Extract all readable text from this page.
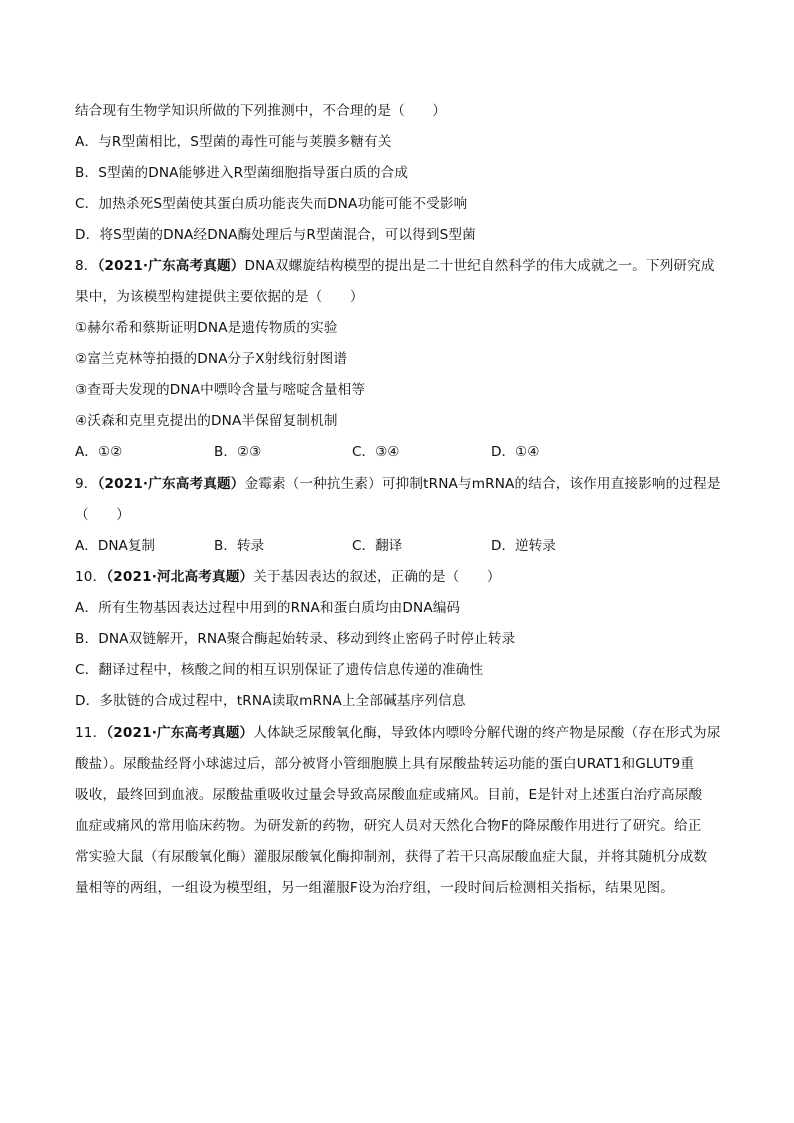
结合现有生物学知识所做的下列推测中，不合理的是（　　）
A．与R型菌相比，S型菌的毒性可能与荚膜多糖有关
B．S型菌的DNA能够进入R型菌细胞指导蛋白质的合成
C．加热杀死S型菌使其蛋白质功能丧失而DNA功能可能不受影响
D．将S型菌的DNA经DNA酶处理后与R型菌混合，可以得到S型菌
8．（2021·广东高考真题）DNA双螺旋结构模型的提出是二十世纪自然科学的伟大成就之一。下列研究成
果中，为该模型构建提供主要依据的是（　　）
①赫尔希和蔡斯证明DNA是遗传物质的实验
②富兰克林等拍摄的DNA分子X射线衍射图谱
③查哥夫发现的DNA中嘌呤含量与嘧啶含量相等
④沃森和克里克提出的DNA半保留复制机制
A．①②	B．②③	C．③④	D．①④
9．（2021·广东高考真题）金霉素（一种抗生素）可抑制tRNA与mRNA的结合，该作用直接影响的过程是
（　　）
A．DNA复制	B．转录	C．翻译	D．逆转录
10．（2021·河北高考真题）关于基因表达的叙述，正确的是（　　）
A．所有生物基因表达过程中用到的RNA和蛋白质均由DNA编码
B．DNA双链解开，RNA聚合酶起始转录、移动到终止密码子时停止转录
C．翻译过程中，核酸之间的相互识别保证了遗传信息传递的准确性
D．多肽链的合成过程中，tRNA读取mRNA上全部碱基序列信息
11．（2021·广东高考真题）人体缺乏尿酸氧化酶，导致体内嘌呤分解代谢的终产物是尿酸（存在形式为尿
酸盐）。尿酸盐经肾小球滤过后，部分被肾小管细胞膜上具有尿酸盐转运功能的蛋白URAT1和GLUT9重
吸收，最终回到血液。尿酸盐重吸收过量会导致高尿酸血症或痛风。目前，E是针对上述蛋白治疗高尿酸
血症或痛风的常用临床药物。为研发新的药物，研究人员对天然化合物F的降尿酸作用进行了研究。给正
常实验大鼠（有尿酸氧化酶）灌服尿酸氧化酶抑制剂，获得了若干只高尿酸血症大鼠，并将其随机分成数
量相等的两组，一组设为模型组，另一组灌服F设为治疗组，一段时间后检测相关指标，结果见图。
